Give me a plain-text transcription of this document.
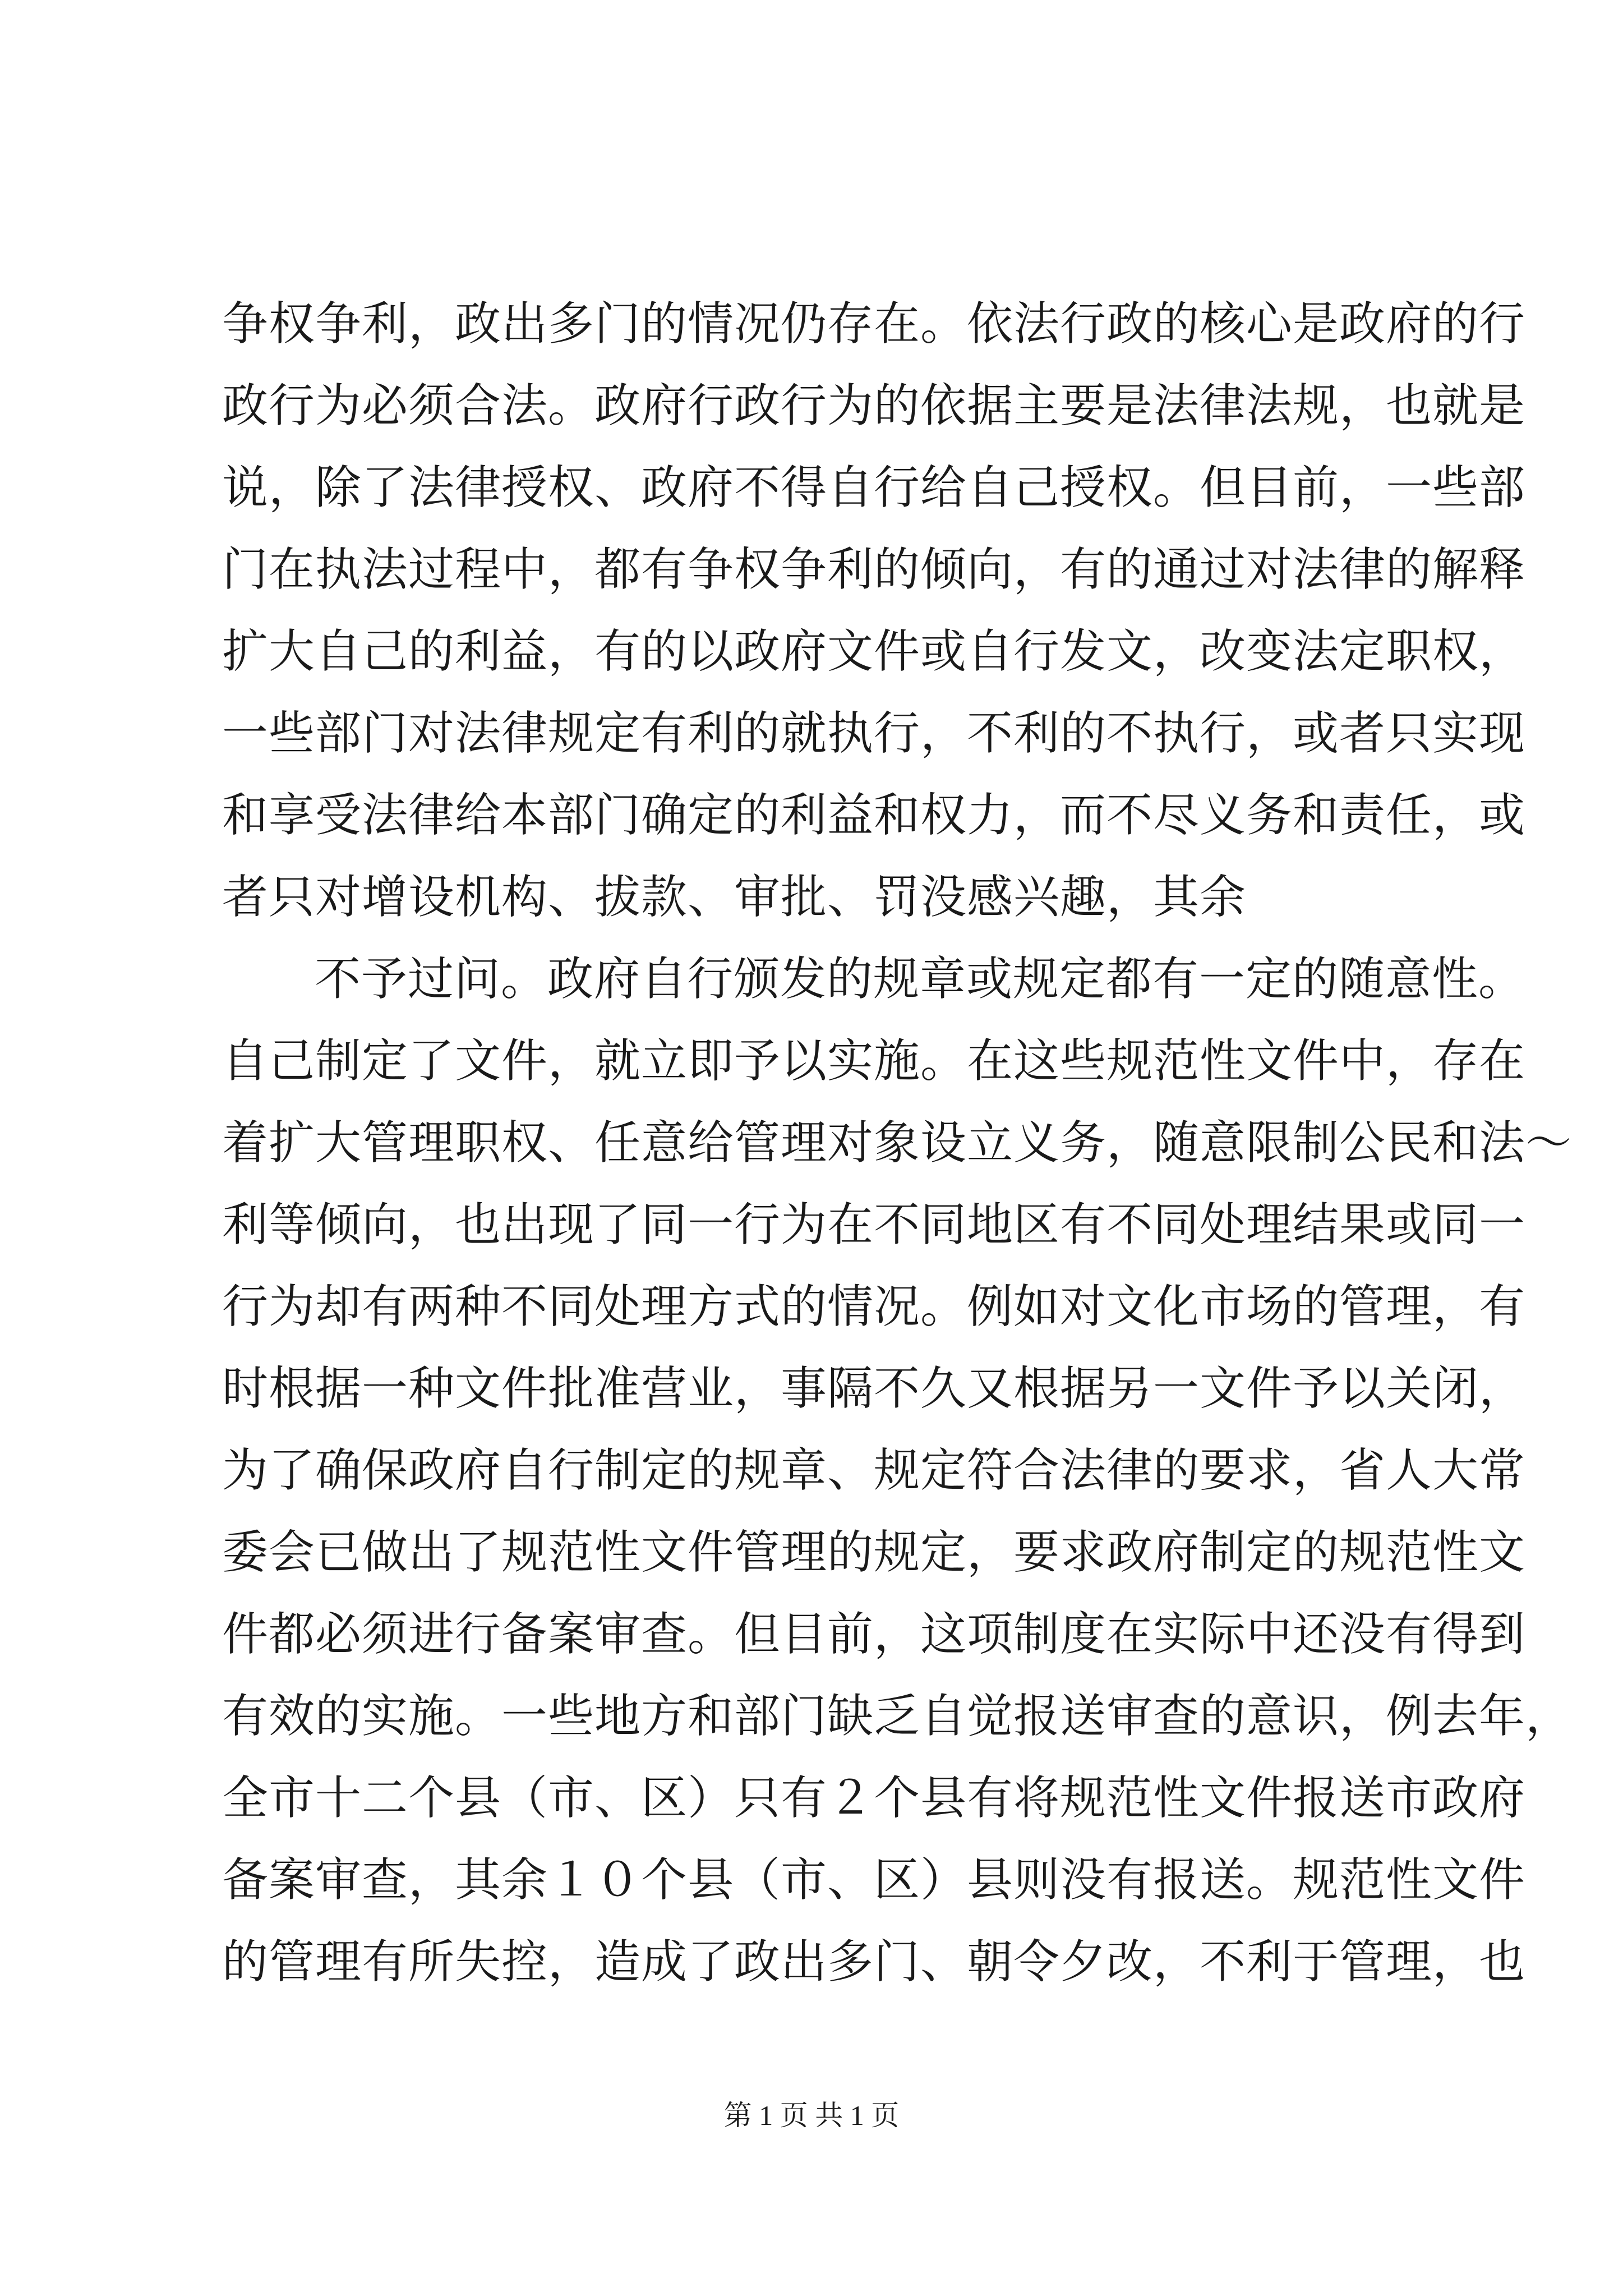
争权争利，政出多门的情况仍存在。依法行政的核心是政府的行
政行为必须合法。政府行政行为的依据主要是法律法规，也就是
说，除了法律授权、政府不得自行给自己授权。但目前，一些部
门在执法过程中，都有争权争利的倾向，有的通过对法律的解释
扩大自己的利益，有的以政府文件或自行发文，改变法定职权，
一些部门对法律规定有利的就执行，不利的不执行，或者只实现
和享受法律给本部门确定的利益和权力，而不尽义务和责任，或
者只对增设机构、拔款、审批、罚没感兴趣，其余
不予过问。政府自行颁发的规章或规定都有一定的随意性。
自己制定了文件，就立即予以实施。在这些规范性文件中，存在
着扩大管理职权、任意给管理对象设立义务，随意限制公民和法～
利等倾向，也出现了同一行为在不同地区有不同处理结果或同一
行为却有两种不同处理方式的情况。例如对文化市场的管理，有
时根据一种文件批准营业，事隔不久又根据另一文件予以关闭，
为了确保政府自行制定的规章、规定符合法律的要求，省人大常
委会已做出了规范性文件管理的规定，要求政府制定的规范性文
件都必须进行备案审查。但目前，这项制度在实际中还没有得到
有效的实施。一些地方和部门缺乏自觉报送审查的意识，例去年，
全市十二个县（市、区）只有２个县有将规范性文件报送市政府
备案审查，其余１０个县（市、区）县则没有报送。规范性文件
的管理有所失控，造成了政出多门、朝令夕改，不利于管理，也
第 1 页 共 1 页
